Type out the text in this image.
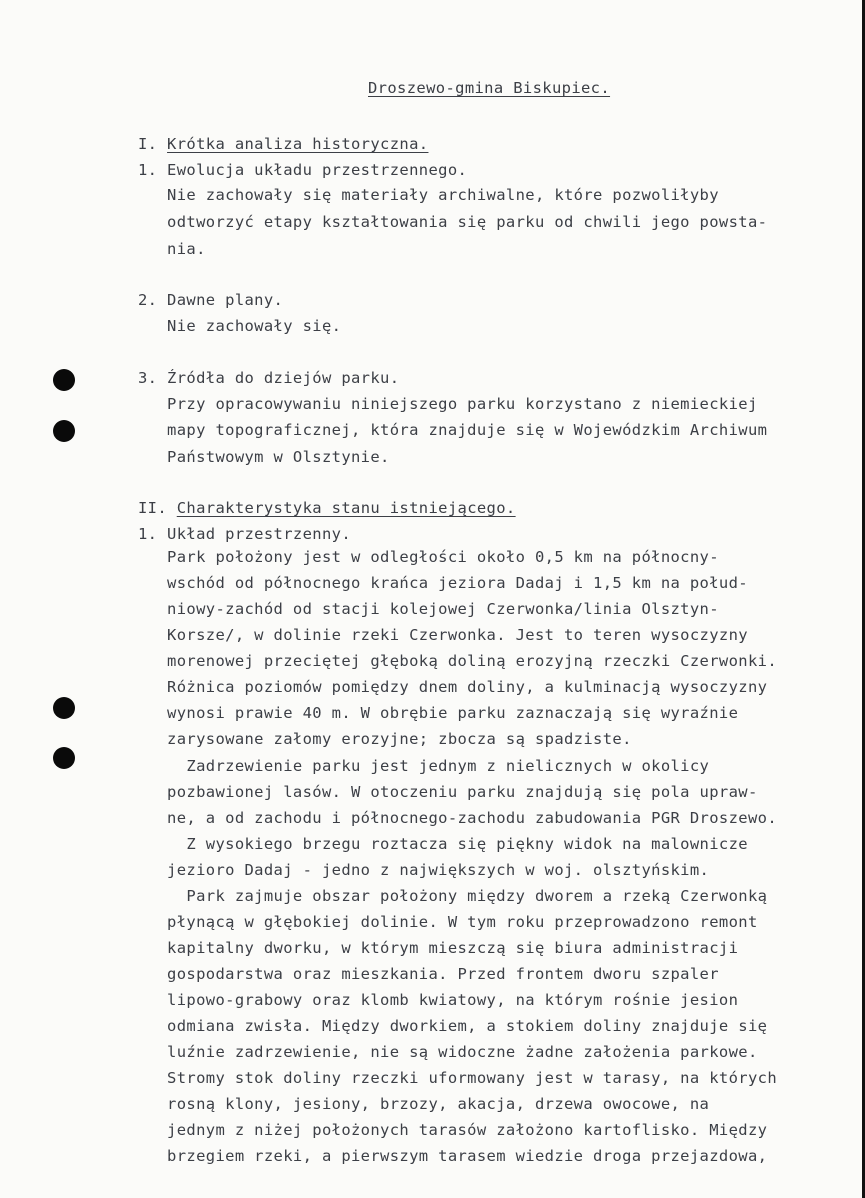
Droszewo-gmina Biskupiec.
I. Krótka analiza historyczna.
1. Ewolucja układu przestrzennego.
Nie zachowały się materiały archiwalne, które pozwoliłyby
odtworzyć etapy kształtowania się parku od chwili jego powsta-
nia.
2. Dawne plany.
Nie zachowały się.
3. Źródła do dziejów parku.
Przy opracowywaniu niniejszego parku korzystano z niemieckiej
mapy topograficznej, która znajduje się w Wojewódzkim Archiwum
Państwowym w Olsztynie.
II. Charakterystyka stanu istniejącego.
1. Układ przestrzenny.
Park położony jest w odległości około 0,5 km na północny-
wschód od północnego krańca jeziora Dadaj i 1,5 km na połud-
niowy-zachód od stacji kolejowej Czerwonka/linia Olsztyn-
Korsze/, w dolinie rzeki Czerwonka. Jest to teren wysoczyzny
morenowej przeciętej głęboką doliną erozyjną rzeczki Czerwonki.
Różnica poziomów pomiędzy dnem doliny, a kulminacją wysoczyzny
wynosi prawie 40 m. W obrębie parku zaznaczają się wyraźnie
zarysowane załomy erozyjne; zbocza są spadziste.
Zadrzewienie parku jest jednym z nielicznych w okolicy
pozbawionej lasów. W otoczeniu parku znajdują się pola upraw-
ne, a od zachodu i północnego-zachodu zabudowania PGR Droszewo.
Z wysokiego brzegu roztacza się piękny widok na malownicze
jezioro Dadaj - jedno z największych w woj. olsztyńskim.
Park zajmuje obszar położony między dworem a rzeką Czerwonką
płynącą w głębokiej dolinie. W tym roku przeprowadzono remont
kapitalny dworku, w którym mieszczą się biura administracji
gospodarstwa oraz mieszkania. Przed frontem dworu szpaler
lipowo-grabowy oraz klomb kwiatowy, na którym rośnie jesion
odmiana zwisła. Między dworkiem, a stokiem doliny znajduje się
luźnie zadrzewienie, nie są widoczne żadne założenia parkowe.
Stromy stok doliny rzeczki uformowany jest w tarasy, na których
rosną klony, jesiony, brzozy, akacja, drzewa owocowe, na
jednym z niżej położonych tarasów założono kartoflisko. Między
brzegiem rzeki, a pierwszym tarasem wiedzie droga przejazdowa,
